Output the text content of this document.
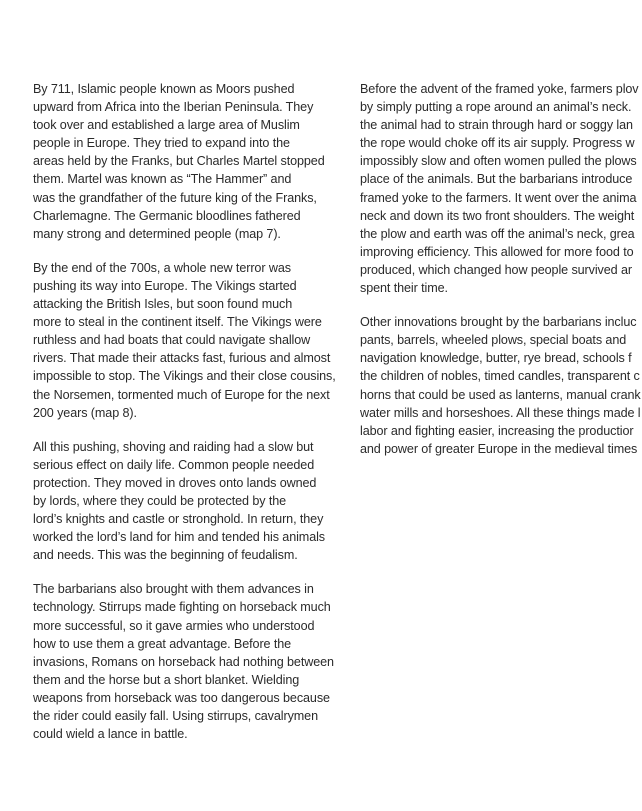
By 711, Islamic people known as Moors pushed
upward from Africa into the Iberian Peninsula. They
took over and established a large area of Muslim
people in Europe. They tried to expand into the
areas held by the Franks, but Charles Martel stopped
them. Martel was known as “The Hammer” and
was the grandfather of the future king of the Franks,
Charlemagne. The Germanic bloodlines fathered
many strong and determined people (map 7).

By the end of the 700s, a whole new terror was
pushing its way into Europe. The Vikings started
attacking the British Isles, but soon found much
more to steal in the continent itself. The Vikings were
ruthless and had boats that could navigate shallow
rivers. That made their attacks fast, furious and almost
impossible to stop. The Vikings and their close cousins,
the Norsemen, tormented much of Europe for the next
200 years (map 8).

All this pushing, shoving and raiding had a slow but
serious effect on daily life. Common people needed
protection. They moved in droves onto lands owned
by lords, where they could be protected by the
lord’s knights and castle or stronghold. In return, they
worked the lord’s land for him and tended his animals
and needs. This was the beginning of feudalism.

The barbarians also brought with them advances in
technology. Stirrups made fighting on horseback much
more successful, so it gave armies who understood
how to use them a great advantage. Before the
invasions, Romans on horseback had nothing between
them and the horse but a short blanket. Wielding
weapons from horseback was too dangerous because
the rider could easily fall. Using stirrups, cavalrymen
could wield a lance in battle.

Before the advent of the framed yoke, farmers plov
by simply putting a rope around an animal’s neck.
the animal had to strain through hard or soggy lan
the rope would choke off its air supply. Progress w
impossibly slow and often women pulled the plows
place of the animals. But the barbarians introduce
framed yoke to the farmers. It went over the anima
neck and down its two front shoulders. The weight
the plow and earth was off the animal’s neck, grea
improving efficiency. This allowed for more food to
produced, which changed how people survived ar
spent their time.

Other innovations brought by the barbarians incluc
pants, barrels, wheeled plows, special boats and
navigation knowledge, butter, rye bread, schools f
the children of nobles, timed candles, transparent c
horns that could be used as lanterns, manual crank
water mills and horseshoes. All these things made l
labor and fighting easier, increasing the productior
and power of greater Europe in the medieval times
